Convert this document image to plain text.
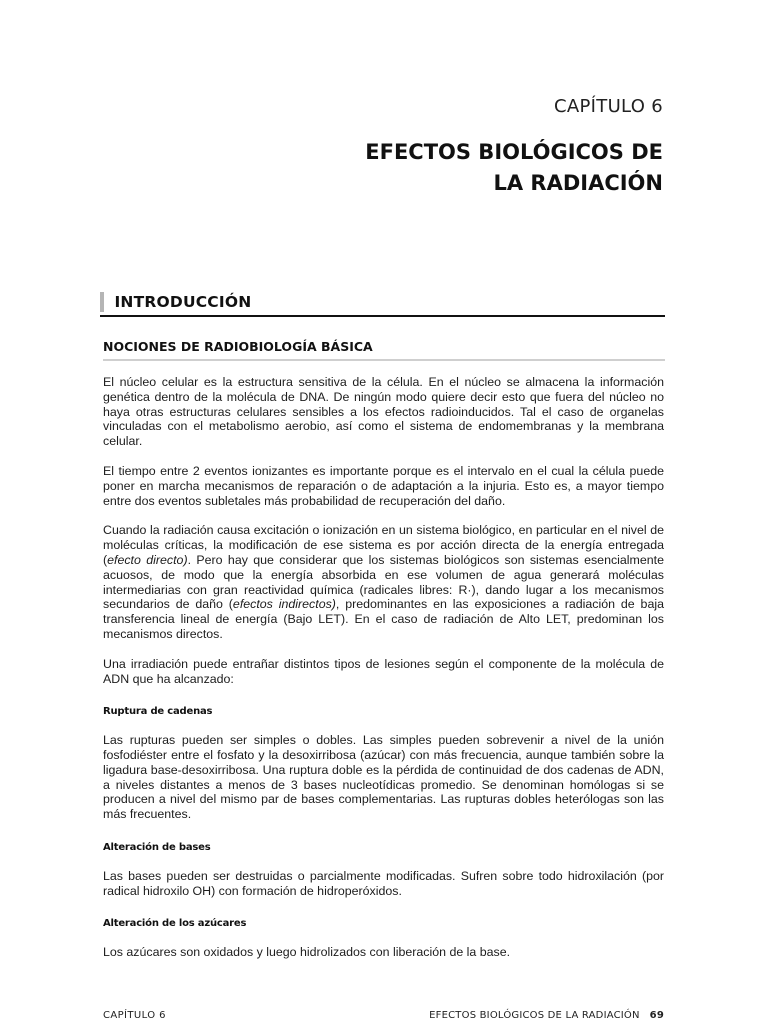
CAPÍTULO 6
EFECTOS BIOLÓGICOS DE
LA RADIACIÓN
INTRODUCCIÓN
NOCIONES DE RADIOBIOLOGÍA BÁSICA

El núcleo celular es la estructura sensitiva de la célula. En el núcleo se almacena la información genética dentro de la molécula de DNA. De ningún modo quiere decir esto que fuera del núcleo no haya otras estructuras celulares sensibles a los efectos radioinducidos. Tal el caso de organelas vinculadas con el metabolismo aerobio, así como el sistema de endomembranas y la membrana celular.

El tiempo entre 2 eventos ionizantes es importante porque es el intervalo en el cual la célula puede poner en marcha mecanismos de reparación o de adaptación a la injuria. Esto es, a mayor tiempo entre dos eventos subletales más probabilidad de recuperación del daño.

Cuando la radiación causa excitación o ionización en un sistema biológico, en particular en el nivel de moléculas críticas, la modificación de ese sistema es por acción directa de la energía entregada (efecto directo). Pero hay que considerar que los sistemas biológicos son sistemas esencialmente acuosos, de modo que la energía absorbida en ese volumen de agua generará moléculas intermediarias con gran reactividad química (radicales libres: R·), dando lugar a los mecanismos secundarios de daño (efectos indirectos), predominantes en las exposiciones a radiación de baja transferencia lineal de energía (Bajo LET). En el caso de radiación de Alto LET, predominan los mecanismos directos.

Una irradiación puede entrañar distintos tipos de lesiones según el componente de la molécula de ADN que ha alcanzado:

Ruptura de cadenas

Las rupturas pueden ser simples o dobles. Las simples pueden sobrevenir a nivel de la unión fosfodiéster entre el fosfato y la desoxirribosa (azúcar) con más frecuencia, aunque también sobre la ligadura base-desoxirribosa. Una ruptura doble es la pérdida de continuidad de dos cadenas de ADN, a niveles distantes a menos de 3 bases nucleotídicas promedio. Se denominan homólogas si se producen a nivel del mismo par de bases complementarias. Las rupturas dobles heterólogas son las más frecuentes.

Alteración de bases

Las bases pueden ser destruidas o parcialmente modificadas. Sufren sobre todo hidroxilación (por radical hidroxilo OH) con formación de hidroperóxidos.

Alteración de los azúcares

Los azúcares son oxidados y luego hidrolizados con liberación de la base.

CAPÍTULO 6	EFECTOS BIOLÓGICOS DE LA RADIACIÓN 69
